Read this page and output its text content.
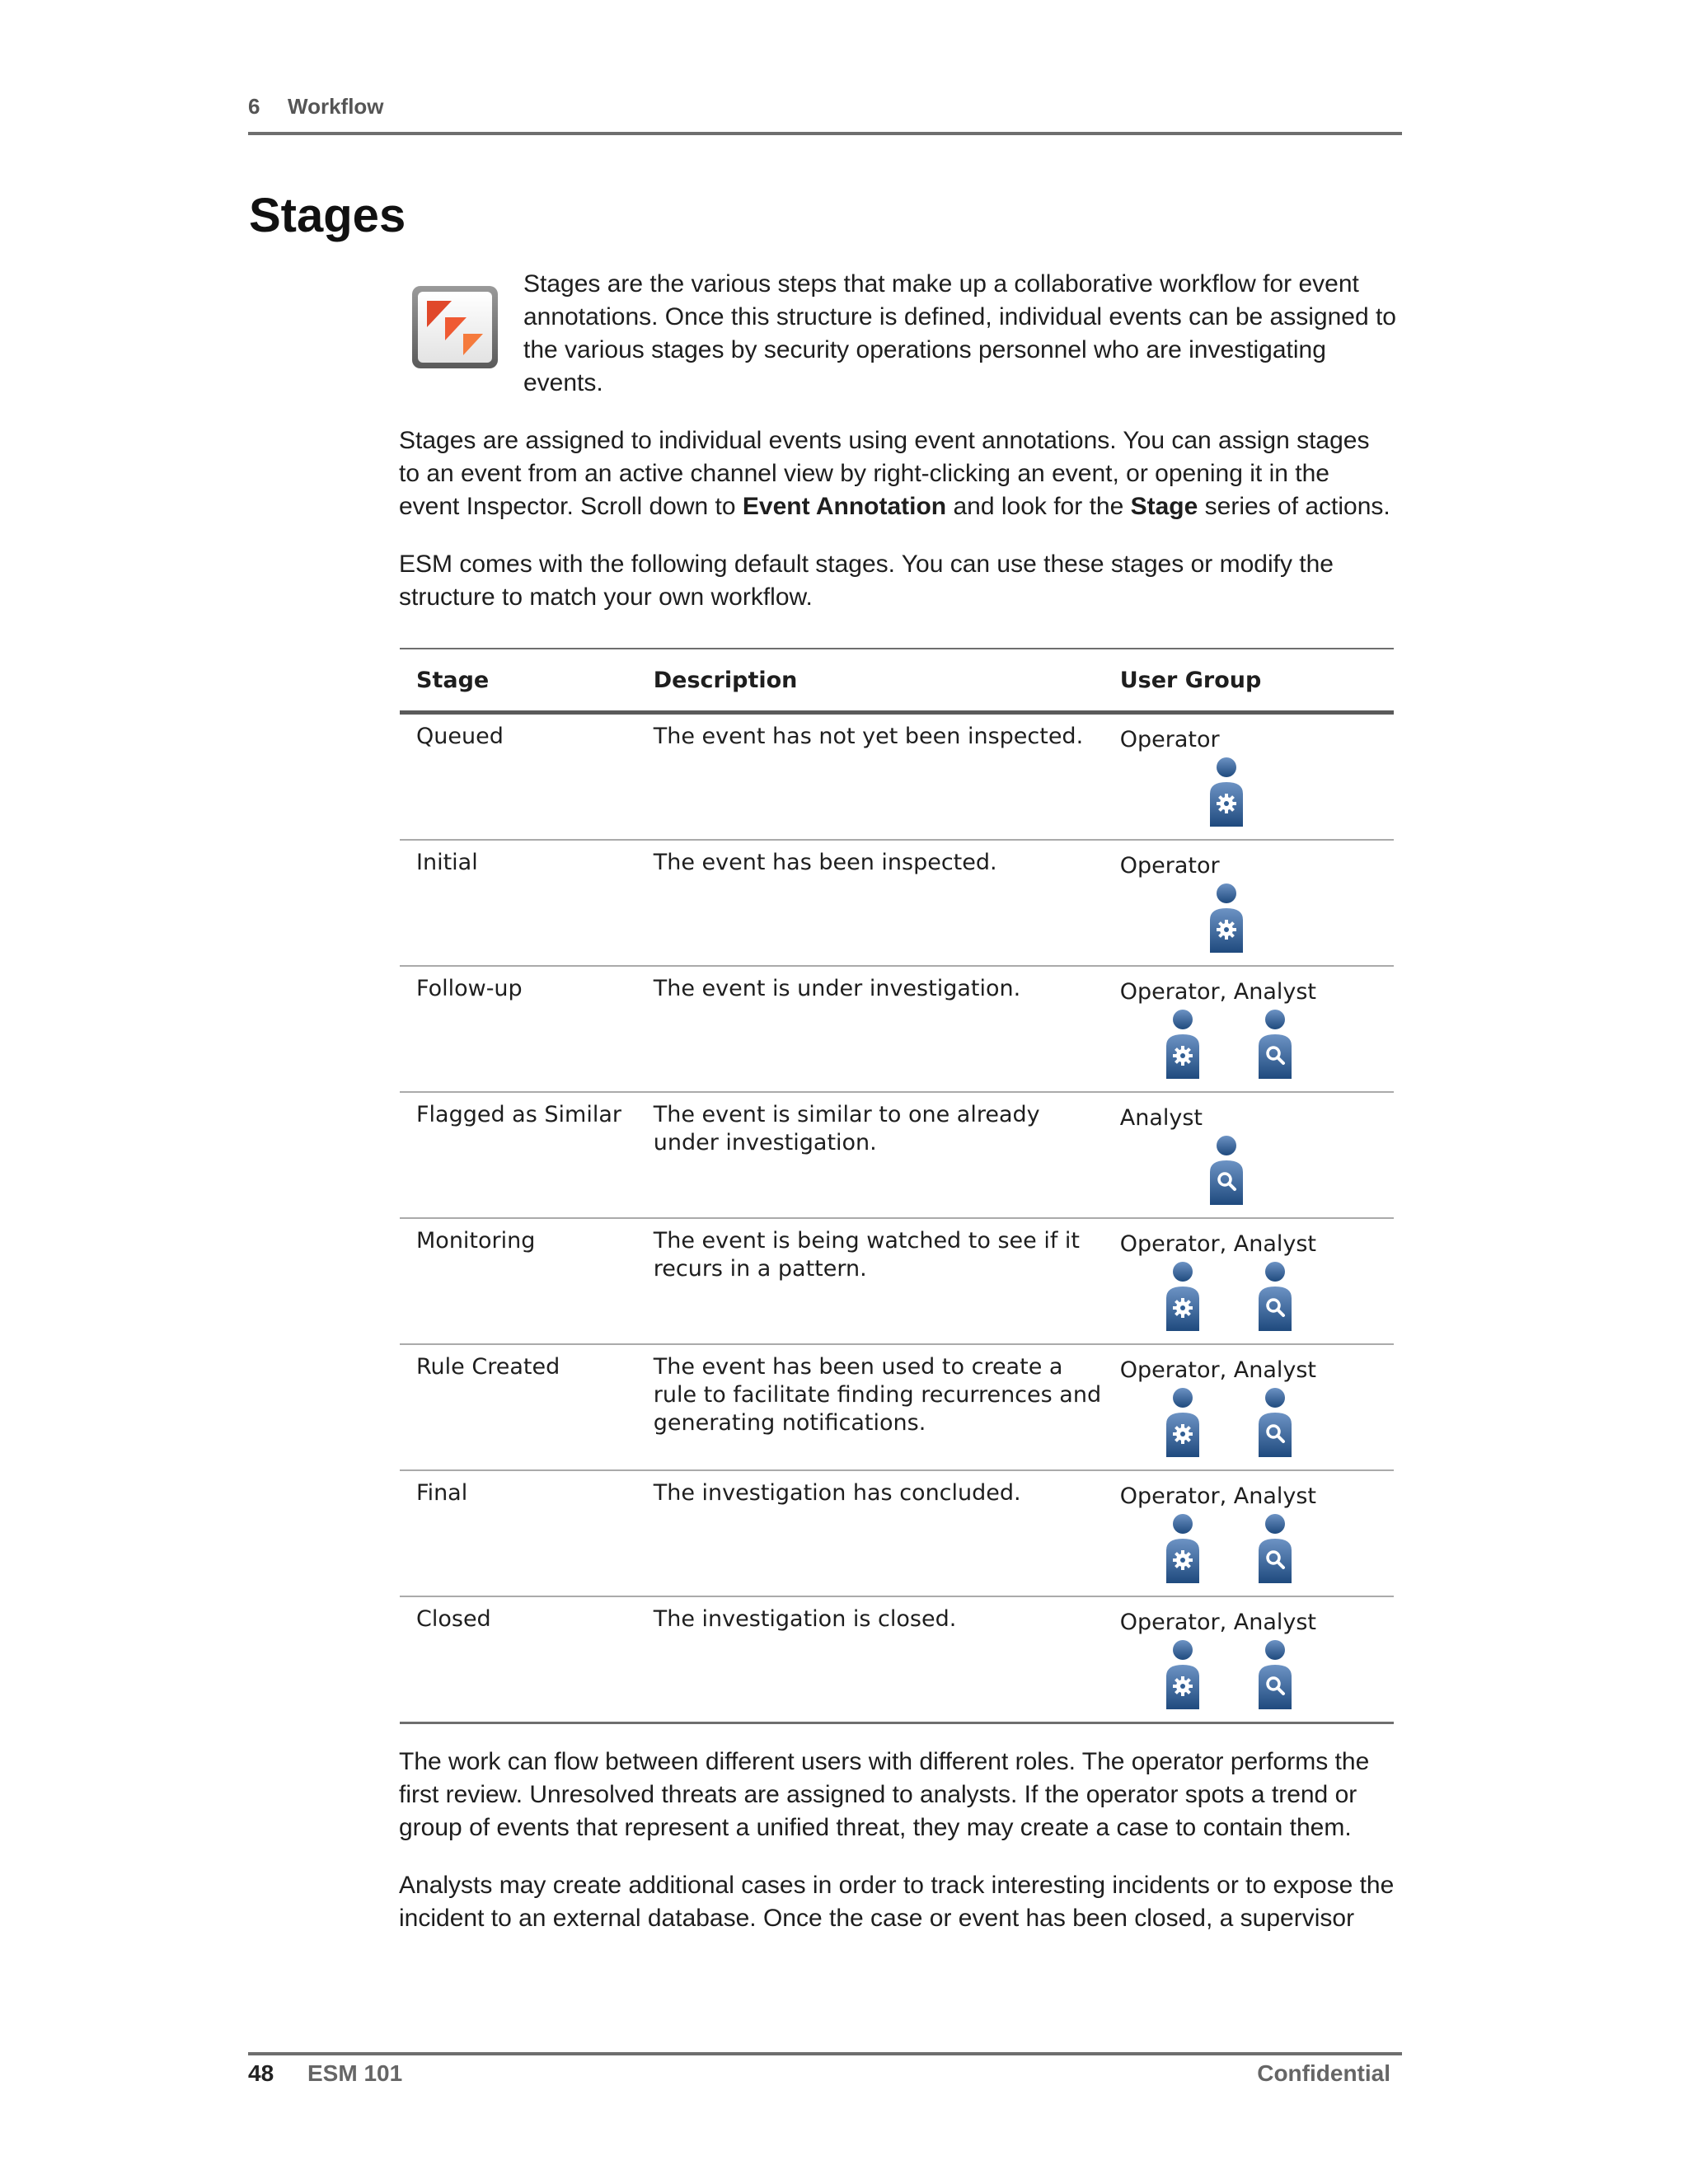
6 Workflow
Stages

Stages are the various steps that make up a collaborative workflow for event annotations. Once this structure is defined, individual events can be assigned to the various stages by security operations personnel who are investigating events.

Stages are assigned to individual events using event annotations. You can assign stages to an event from an active channel view by right-clicking an event, or opening it in the event Inspector. Scroll down to Event Annotation and look for the Stage series of actions.

ESM comes with the following default stages. You can use these stages or modify the structure to match your own workflow.

Stage	Description	User Group
Queued	The event has not yet been inspected.	Operator

Initial	The event has been inspected.	Operator

Follow-up	The event is under investigation.	Operator, Analyst

Flagged as Similar	The event is similar to one already under investigation.	Analyst

Monitoring	The event is being watched to see if it recurs in a pattern.	Operator, Analyst

Rule Created	The event has been used to create a rule to facilitate finding recurrences and generating notifications.	Operator, Analyst

Final	The investigation has concluded.	Operator, Analyst

Closed	The investigation is closed.	Operator, Analyst

The work can flow between different users with different roles. The operator performs the first review. Unresolved threats are assigned to analysts. If the operator spots a trend or group of events that represent a unified threat, they may create a case to contain them.

Analysts may create additional cases in order to track interesting incidents or to expose the incident to an external database. Once the case or event has been closed, a supervisor

48 ESM 101	Confidential
